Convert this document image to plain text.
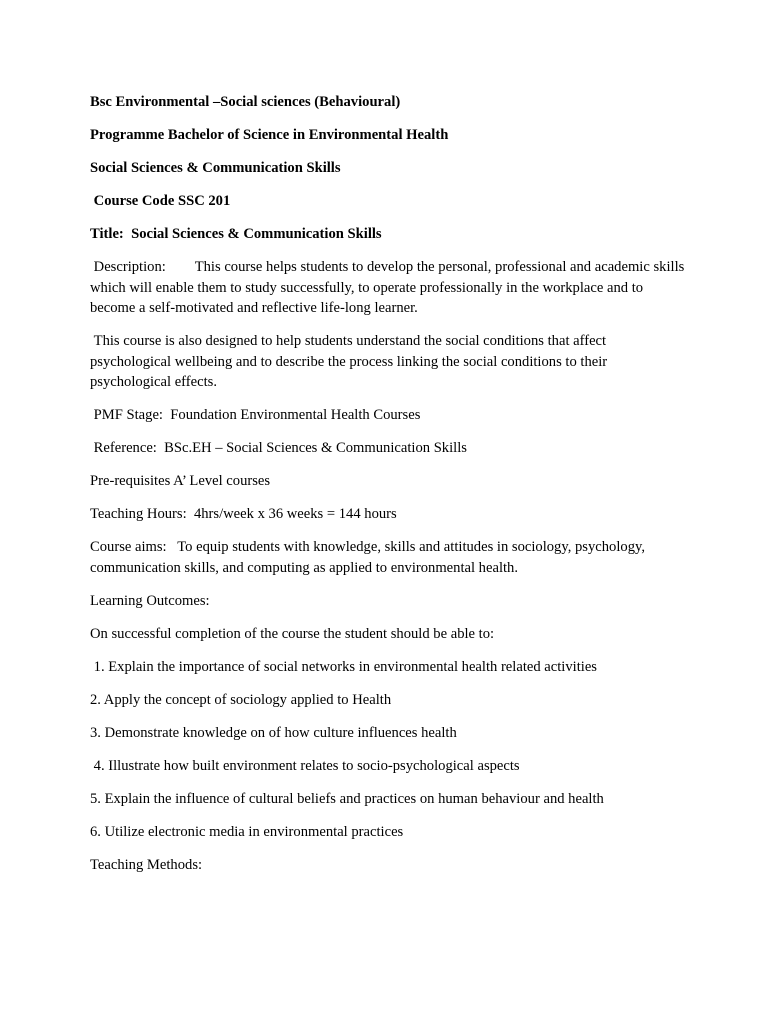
Bsc Environmental –Social sciences (Behavioural)

Programme Bachelor of Science in Environmental Health

Social Sciences & Communication Skills

Course Code SSC 201

Title:  Social Sciences & Communication Skills

Description:        This course helps students to develop the personal, professional and academic skills which will enable them to study successfully, to operate professionally in the workplace and to become a self-motivated and reflective life-long learner.

This course is also designed to help students understand the social conditions that affect psychological wellbeing and to describe the process linking the social conditions to their psychological effects.

PMF Stage:  Foundation Environmental Health Courses

Reference:  BSc.EH – Social Sciences & Communication Skills

Pre-requisites A’ Level courses

Teaching Hours:  4hrs/week x 36 weeks = 144 hours

Course aims:   To equip students with knowledge, skills and attitudes in sociology, psychology, communication skills, and computing as applied to environmental health.

Learning Outcomes:

On successful completion of the course the student should be able to:

1. Explain the importance of social networks in environmental health related activities

2. Apply the concept of sociology applied to Health

3. Demonstrate knowledge on of how culture influences health

4. Illustrate how built environment relates to socio-psychological aspects

5. Explain the influence of cultural beliefs and practices on human behaviour and health

6. Utilize electronic media in environmental practices

Teaching Methods:
